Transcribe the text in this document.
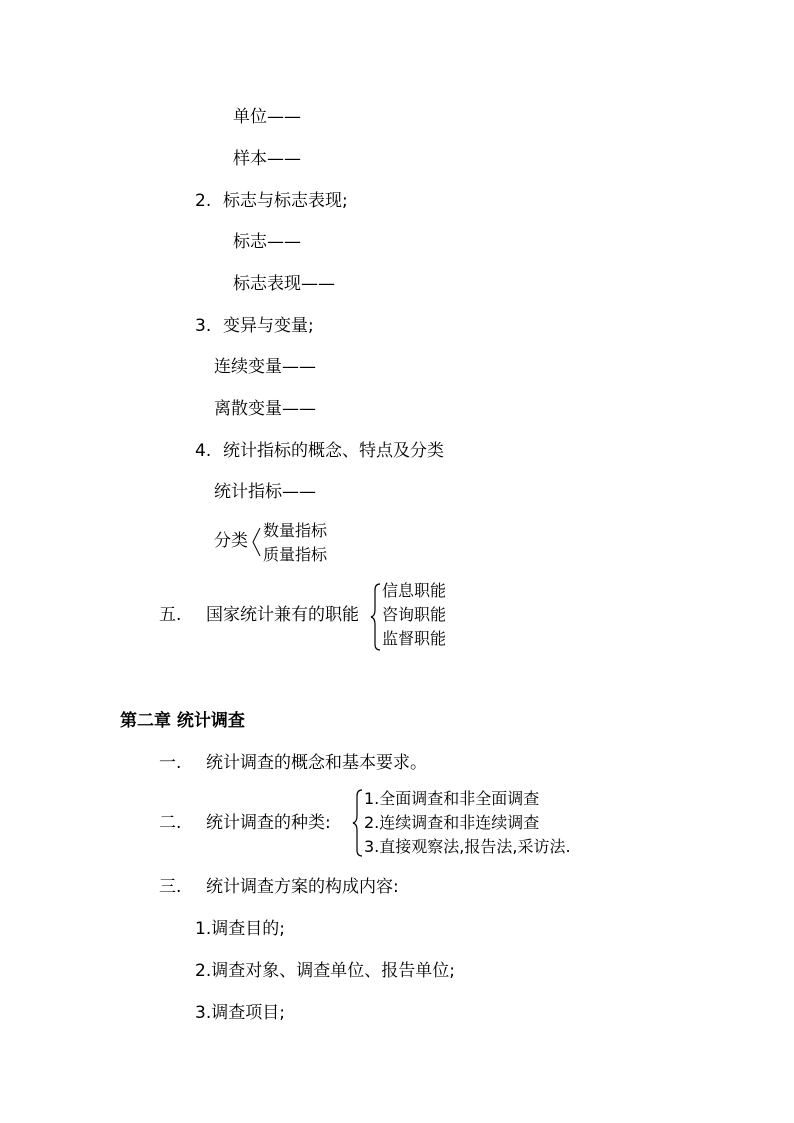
单位——
样本——
2. 标志与标志表现;
标志——
标志表现——
3. 变异与变量;
连续变量——
离散变量——
4. 统计指标的概念、特点及分类
统计指标——
分类
数量指标
质量指标
五. 国家统计兼有的职能
信息职能
咨询职能
监督职能
第二章 统计调查
一. 统计调查的概念和基本要求。
二. 统计调查的种类:
1.全面调查和非全面调查
2.连续调查和非连续调查
3.直接观察法,报告法,采访法.
三. 统计调查方案的构成内容:
1.调查目的;
2.调查对象、调查单位、报告单位;
3.调查项目;
